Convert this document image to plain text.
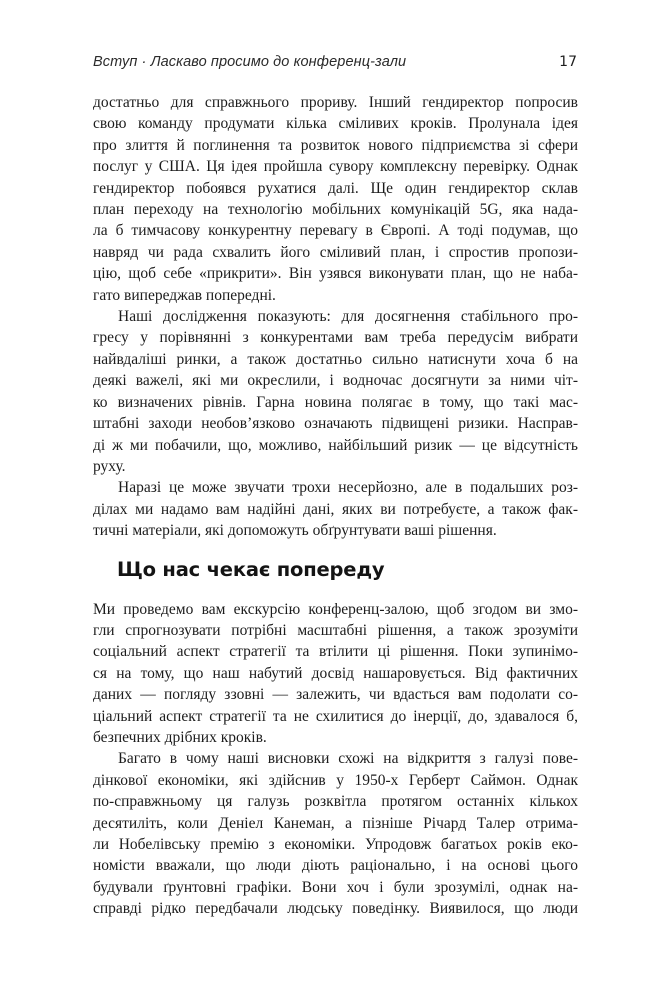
Вступ · Ласкаво просимо до конференц-зали	17
достатньо для справжнього прориву. Інший гендиректор попросив
свою команду продумати кілька сміливих кроків. Пролунала ідея
про злиття й поглинення та розвиток нового підприємства зі сфери
послуг у США. Ця ідея пройшла сувору комплексну перевірку. Однак
гендиректор побоявся рухатися далі. Ще один гендиректор склав
план переходу на технологію мобільних комунікацій 5G, яка нада-
ла б тимчасову конкурентну перевагу в Європі. А тоді подумав, що
навряд чи рада схвалить його сміливий план, і спростив пропози-
цію, щоб себе «прикрити». Він узявся виконувати план, що не наба-
гато випереджав попередні.
Наші дослідження показують: для досягнення стабільного про-
гресу у порівнянні з конкурентами вам треба передусім вибрати
найвдаліші ринки, а також достатньо сильно натиснути хоча б на
деякі важелі, які ми окреслили, і водночас досягнути за ними чіт-
ко визначених рівнів. Гарна новина полягає в тому, що такі мас-
штабні заходи необов’язково означають підвищені ризики. Насправ-
ді ж ми побачили, що, можливо, найбільший ризик — це відсутність
руху.
Наразі це може звучати трохи несерйозно, але в подальших роз-
ділах ми надамо вам надійні дані, яких ви потребуєте, а також фак-
тичні матеріали, які допоможуть обґрунтувати ваші рішення.
Що нас чекає попереду
Ми проведемо вам екскурсію конференц-залою, щоб згодом ви змо-
гли спрогнозувати потрібні масштабні рішення, а також зрозуміти
соціальний аспект стратегії та втілити ці рішення. Поки зупинімо-
ся на тому, що наш набутий досвід нашаровується. Від фактичних
даних — погляду ззовні — залежить, чи вдасться вам подолати со-
ціальний аспект стратегії та не схилитися до інерції, до, здавалося б,
безпечних дрібних кроків.
Багато в чому наші висновки схожі на відкриття з галузі пове-
дінкової економіки, які здійснив у 1950-х Герберт Саймон. Однак
по-справжньому ця галузь розквітла протягом останніх кількох
десятиліть, коли Деніел Канеман, а пізніше Річард Талер отрима-
ли Нобелівську премію з економіки. Упродовж багатьох років еко-
номісти вважали, що люди діють раціонально, і на основі цього
будували ґрунтовні графіки. Вони хоч і були зрозумілі, однак на-
справді рідко передбачали людську поведінку. Виявилося, що люди
